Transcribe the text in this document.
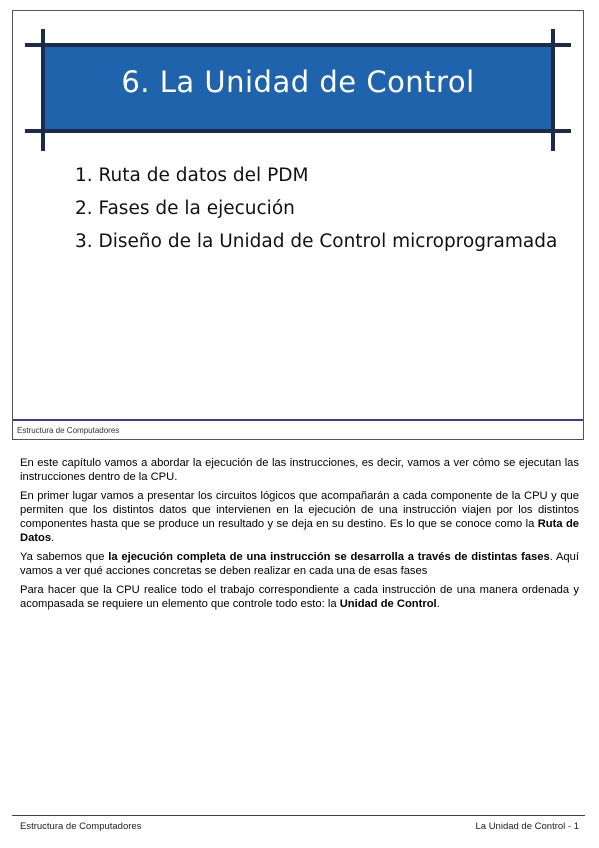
6. La Unidad de Control
1. Ruta de datos del PDM
2. Fases de la ejecución
3. Diseño de la Unidad de Control microprogramada
Estructura de Computadores

En este capítulo vamos a abordar la ejecución de las instrucciones, es decir, vamos a ver cómo se ejecutan las instrucciones dentro de la CPU.

En primer lugar vamos a presentar los circuitos lógicos que acompañarán a cada componente de la CPU y que permiten que los distintos datos que intervienen en la ejecución de una instrucción viajen por los distintos componentes hasta que se produce un resultado y se deja en su destino. Es lo que se conoce como la Ruta de Datos.

Ya sabemos que la ejecución completa de una instrucción se desarrolla a través de distintas fases. Aquí vamos a ver qué acciones concretas se deben realizar en cada una de esas fases

Para hacer que la CPU realice todo el trabajo correspondiente a cada instrucción de una manera ordenada y acompasada se requiere un elemento que controle todo esto: la Unidad de Control.

Estructura de Computadores	La Unidad de Control - 1
